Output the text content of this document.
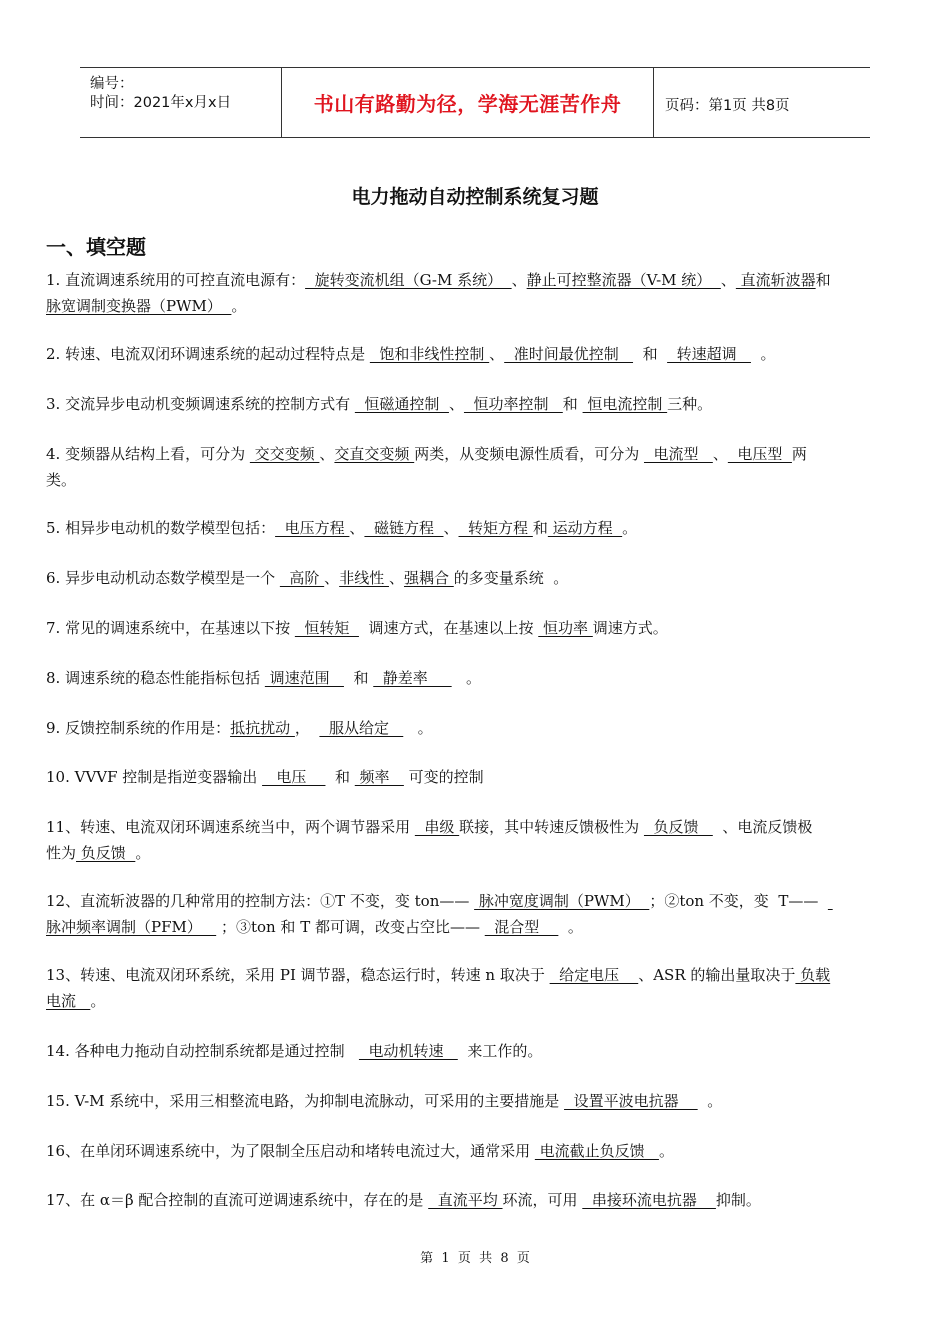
编号：
时间：2021年x月x日	书山有路勤为径，学海无涯苦作舟	页码：第1页 共8页
电力拖动自动控制系统复习题
一、填空题
1. 直流调速系统用的可控直流电源有：  旋转变流机组（G-M 系统）  、静止可控整流器（V-M 统）  、 直流斩波器和
脉宽调制变换器（PWM）  。
2. 转速、电流双闭环调速系统的起动过程特点是   饱和非线性控制 、  准时间最优控制     和    转速超调     。
3. 交流异步电动机变频调速系统的控制方式有   恒磁通控制  、  恒功率控制   和  恒电流控制 三种。
4. 变频器从结构上看，可分为  交交变频 、交直交变频 两类，从变频电源性质看，可分为   电流型   、  电压型  两
类。
5. 相异步电动机的数学模型包括：  电压方程 、  磁链方程  、  转矩方程 和 运动方程  。
6. 异步电动机动态数学模型是一个   高阶 、非线性 、强耦合 的多变量系统  。
7. 常见的调速系统中，在基速以下按   恒转矩    调速方式，在基速以上按  恒功率 调速方式。
8. 调速系统的稳态性能指标包括  调速范围     和   静差率        。
9. 反馈控制系统的作用是：抵抗扰动 ，    服从给定      。
10. VVVF 控制是指逆变器输出    电压      和  频率    可变的控制
11、转速、电流双闭环调速系统当中，两个调节器采用   串级 联接，其中转速反馈极性为   负反馈     、电流反馈极
性为 负反馈  。
12、直流斩波器的几种常用的控制方法：①T 不变，变 ton——  脉冲宽度调制（PWM）  ；②ton 不变，变  T——
脉冲频率调制（PFM）    ；③ton 和 T 都可调，改变占空比——   混合型      。
13、转速、电流双闭环系统，采用 PI 调节器，稳态运行时，转速 n 取决于   给定电压    、ASR 的输出量取决于 负载
电流   。
14. 各种电力拖动自动控制系统都是通过控制     电动机转速     来工作的。
15. V-M 系统中，采用三相整流电路，为抑制电流脉动，可采用的主要措施是   设置平波电抗器      。
16、在单闭环调速系统中，为了限制全压启动和堵转电流过大，通常采用  电流截止负反馈   。
17、在 α＝β 配合控制的直流可逆调速系统中，存在的是   直流平均 环流，可用   串接环流电抗器    抑制。
第  1  页  共  8  页
